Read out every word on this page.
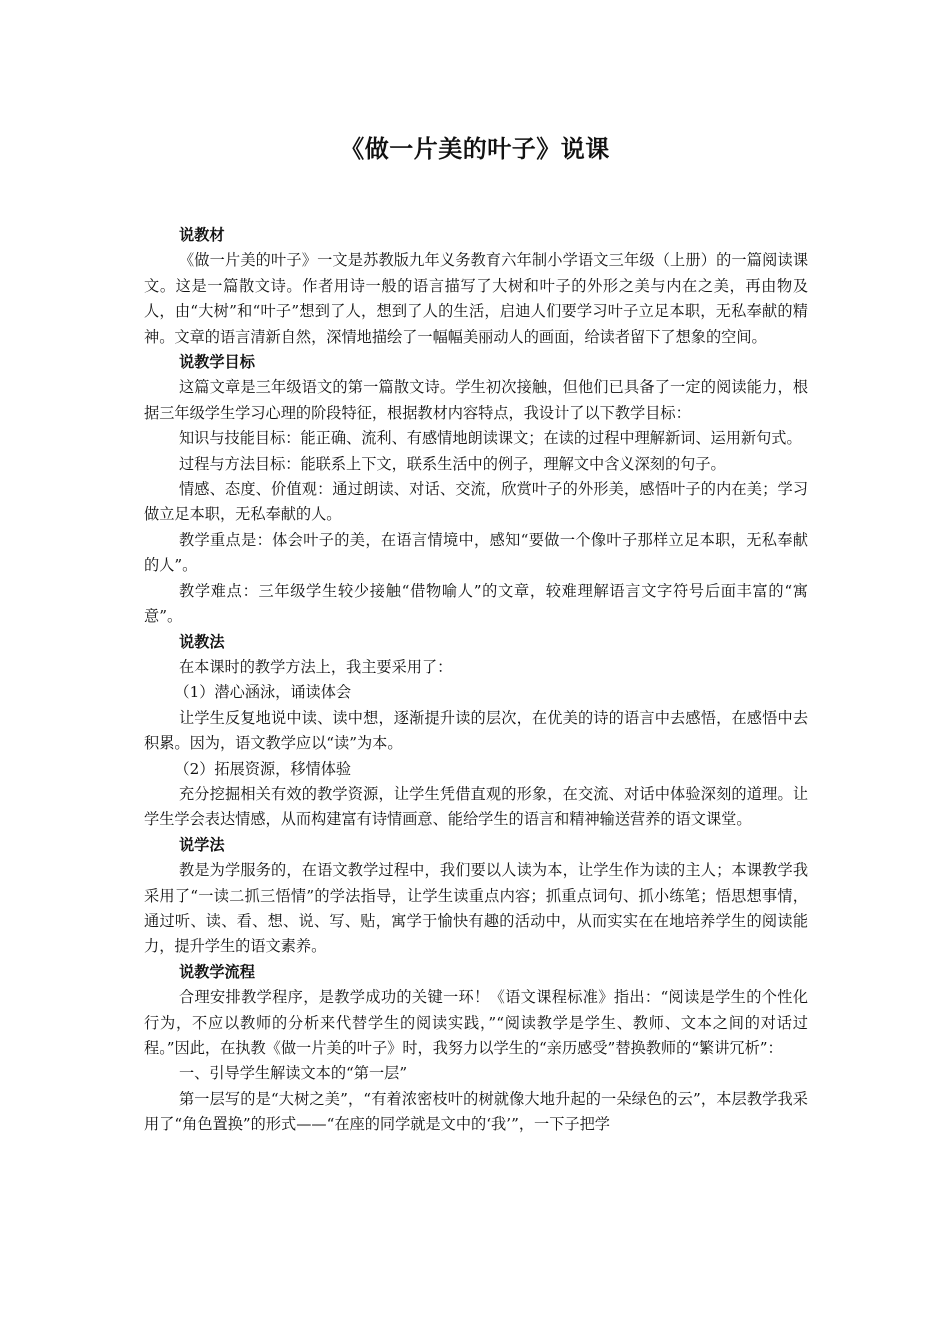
《做一片美的叶子》说课
说教材
《做一片美的叶子》一文是苏教版九年义务教育六年制小学语文三年级（上册）的一篇阅读课文。这是一篇散文诗。作者用诗一般的语言描写了大树和叶子的外形之美与内在之美，再由物及人，由“大树”和“叶子”想到了人，想到了人的生活，启迪人们要学习叶子立足本职，无私奉献的精神。文章的语言清新自然，深情地描绘了一幅幅美丽动人的画面，给读者留下了想象的空间。
说教学目标
这篇文章是三年级语文的第一篇散文诗。学生初次接触，但他们已具备了一定的阅读能力，根据三年级学生学习心理的阶段特征，根据教材内容特点，我设计了以下教学目标：
知识与技能目标：能正确、流利、有感情地朗读课文；在读的过程中理解新词、运用新句式。
过程与方法目标：能联系上下文，联系生活中的例子，理解文中含义深刻的句子。
情感、态度、价值观：通过朗读、对话、交流，欣赏叶子的外形美，感悟叶子的内在美；学习做立足本职，无私奉献的人。
教学重点是：体会叶子的美，在语言情境中，感知“要做一个像叶子那样立足本职，无私奉献的人”。
教学难点：三年级学生较少接触“借物喻人”的文章，较难理解语言文字符号后面丰富的“寓意”。
说教法
在本课时的教学方法上，我主要采用了：
（1）潜心涵泳，诵读体会
让学生反复地说中读、读中想，逐渐提升读的层次，在优美的诗的语言中去感悟，在感悟中去积累。因为，语文教学应以“读”为本。
（2）拓展资源，移情体验
充分挖掘相关有效的教学资源，让学生凭借直观的形象，在交流、对话中体验深刻的道理。让学生学会表达情感，从而构建富有诗情画意、能给学生的语言和精神输送营养的语文课堂。
说学法
教是为学服务的，在语文教学过程中，我们要以人读为本，让学生作为读的主人；本课教学我采用了“一读二抓三悟情”的学法指导，让学生读重点内容；抓重点词句、抓小练笔；悟思想事情，通过听、读、看、想、说、写、贴，寓学于愉快有趣的活动中，从而实实在在地培养学生的阅读能力，提升学生的语文素养。
说教学流程
合理安排教学程序，是教学成功的关键一环！《语文课程标准》指出：“阅读是学生的个性化行为，不应以教师的分析来代替学生的阅读实践，”“阅读教学是学生、教师、文本之间的对话过程。”因此，在执教《做一片美的叶子》时，我努力以学生的“亲历感受”替换教师的“繁讲冗析”：
一、引导学生解读文本的“第一层”
第一层写的是“大树之美”，“有着浓密枝叶的树就像大地升起的一朵绿色的云”，本层教学我采用了“角色置换”的形式——“在座的同学就是文中的‘我’”，一下子把学
